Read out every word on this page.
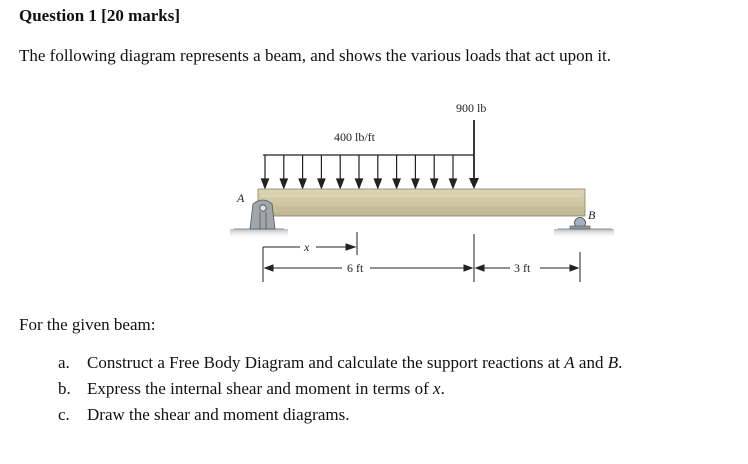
Question 1 [20 marks]
The following diagram represents a beam, and shows the various loads that act upon it.
900 lb
400 lb/ft
A
B
x
6 ft	3 ft
For the given beam:
a. Construct a Free Body Diagram and calculate the support reactions at A and B.
b. Express the internal shear and moment in terms of x.
c. Draw the shear and moment diagrams.
